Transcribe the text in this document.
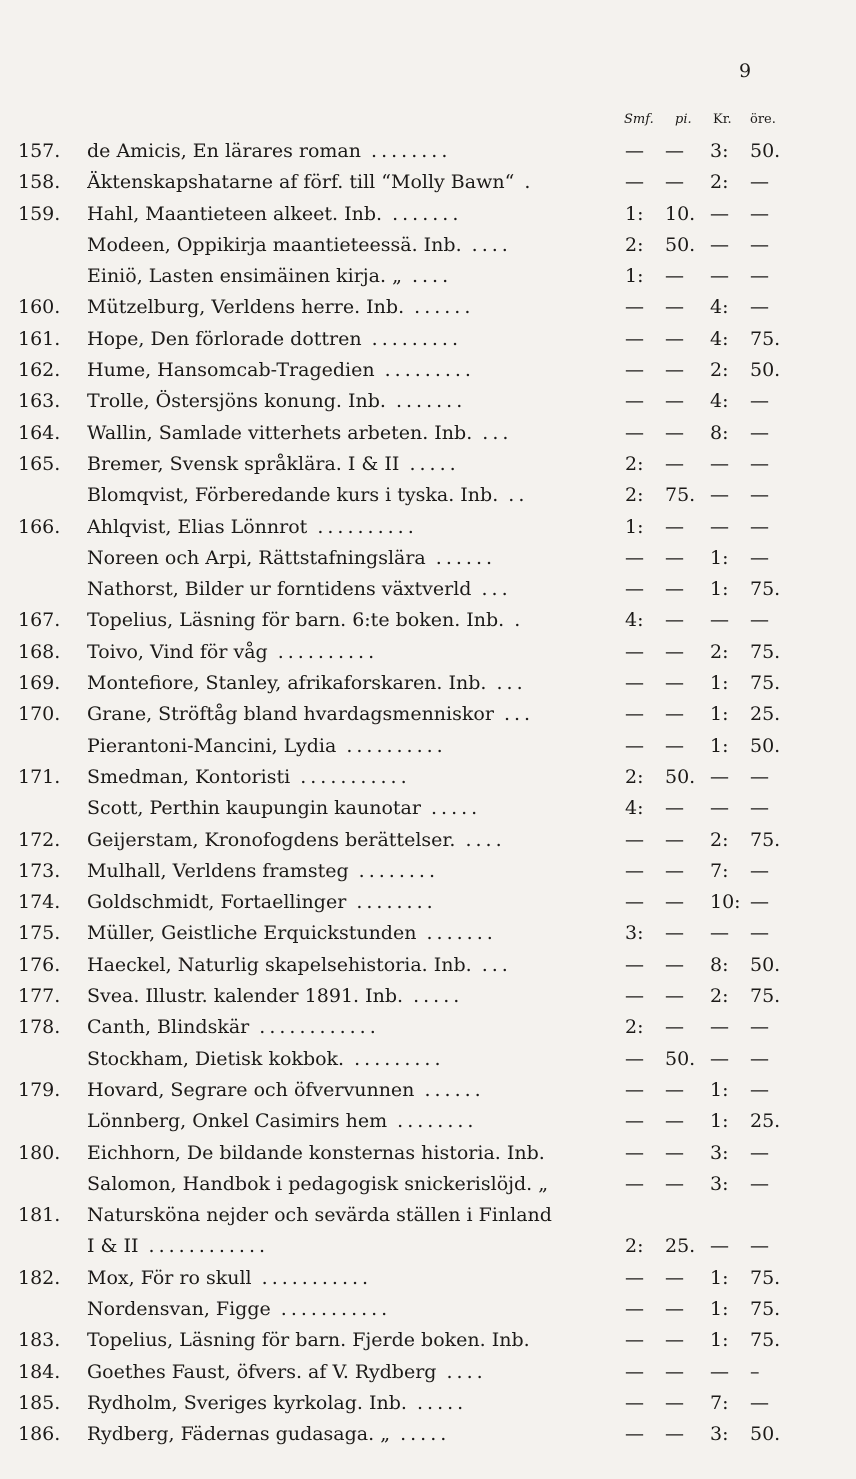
9
Smf. pi. Kr. öre.
157.	de Amicis, En lärares roman ........	— — 3: 50.
158.	Äktenskapshatarne af förf. till “Molly Bawn“ .	— — 2: —
159.	Hahl, Maantieteen alkeet. Inb. .......	1: 10. — —
Modeen, Oppikirja maantieteessä. Inb. ....	2: 50. — —
Einiö, Lasten ensimäinen kirja. „ ....	1: — — —
160.	Mützelburg, Verldens herre. Inb. ......	— — 4: —
161.	Hope, Den förlorade dottren .........	— — 4: 75.
162.	Hume, Hansomcab-Tragedien .........	— — 2: 50.
163.	Trolle, Östersjöns konung. Inb. .......	— — 4: —
164.	Wallin, Samlade vitterhets arbeten. Inb. ...	— — 8: —
165.	Bremer, Svensk språklära. I & II .....	2: — — —
Blomqvist, Förberedande kurs i tyska. Inb. ..	2: 75. — —
166.	Ahlqvist, Elias Lönnrot ..........	1: — — —
Noreen och Arpi, Rättstafningslära ......	— — 1: —
Nathorst, Bilder ur forntidens växtverld ...	— — 1: 75.
167.	Topelius, Läsning för barn. 6:te boken. Inb. .	4: — — —
168.	Toivo, Vind för våg ..........	— — 2: 75.
169.	Montefiore, Stanley, afrikaforskaren. Inb. ...	— — 1: 75.
170.	Grane, Ströftåg bland hvardagsmenniskor ...	— — 1: 25.
Pierantoni-Mancini, Lydia ..........	— — 1: 50.
171.	Smedman, Kontoristi ...........	2: 50. — —
Scott, Perthin kaupungin kaunotar .....	4: — — —
172.	Geijerstam, Kronofogdens berättelser. ....	— — 2: 75.
173.	Mulhall, Verldens framsteg ........	— — 7: —
174.	Goldschmidt, Fortaellinger ........	— — 10: —
175.	Müller, Geistliche Erquickstunden .......	3: — — —
176.	Haeckel, Naturlig skapelsehistoria. Inb. ...	— — 8: 50.
177.	Svea. Illustr. kalender 1891. Inb. .....	— — 2: 75.
178.	Canth, Blindskär ............	2: — — —
Stockham, Dietisk kokbok. .........	— 50. — —
179.	Hovard, Segrare och öfvervunnen ......	— — 1: —
Lönnberg, Onkel Casimirs hem ........	— — 1: 25.
180.	Eichhorn, De bildande konsternas historia. Inb.	— — 3: —
Salomon, Handbok i pedagogisk snickerislöjd. „	— — 3: —
181.	Natursköna nejder och sevärda ställen i Finland
I & II ............	2: 25. — —
182.	Mox, För ro skull ...........	— — 1: 75.
Nordensvan, Figge ...........	— — 1: 75.
183.	Topelius, Läsning för barn. Fjerde boken. Inb.	— — 1: 75.
184.	Goethes Faust, öfvers. af V. Rydberg ....	— — — –
185.	Rydholm, Sveriges kyrkolag. Inb. .....	— — 7: —
186.	Rydberg, Fädernas gudasaga. „ .....	— — 3: 50.
